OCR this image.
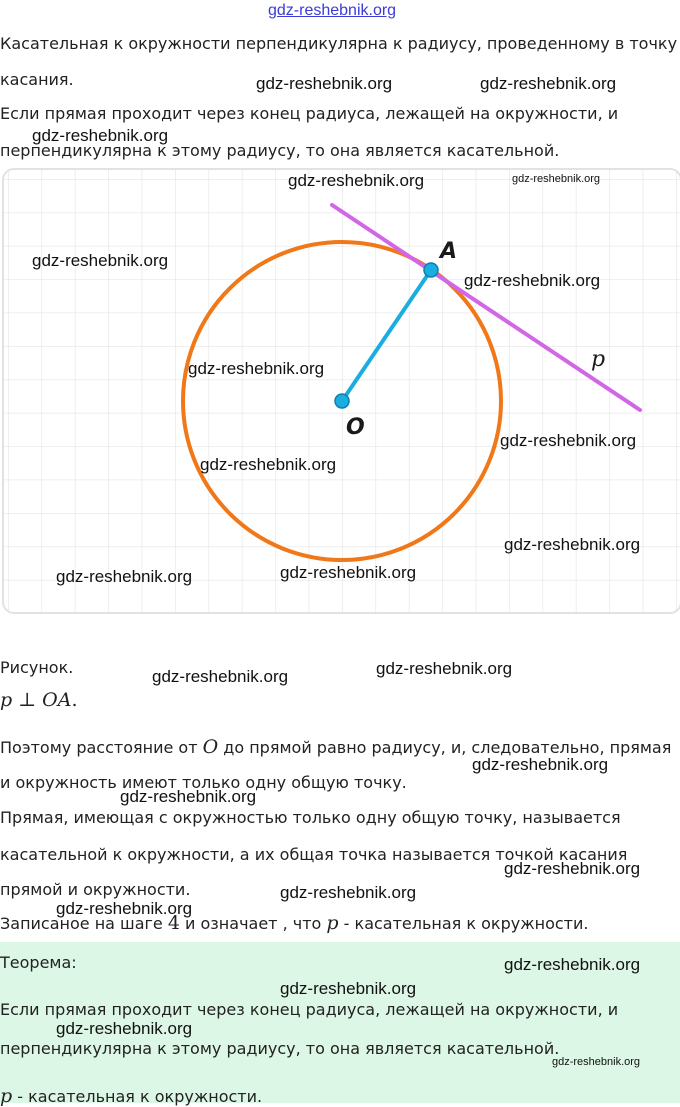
gdz-reshebnik.org
Касательная к окружности перпендикулярна к радиусу, проведенному в точку
касания.
Если прямая проходит через конец радиуса, лежащей на окружности, и
перпендикулярна к этому радиусу, то она является касательной.
A
O
p
Рисунок.
p ⊥ OA.
Поэтому расстояние от O до прямой равно радиусу, и, следовательно, прямая
и окружность имеют только одну общую точку.
Прямая, имеющая с окружностью только одну общую точку, называется
касательной к окружности, а их общая точка называется точкой касания
прямой и окружности.
Записаное на шаге 4 и означает , что p - касательная к окружности.
Теорема:
Если прямая проходит через конец радиуса, лежащей на окружности, и
перпендикулярна к этому радиусу, то она является касательной.
p - касательная к окружности.
gdz-reshebnik.org	gdz-reshebnik.org
gdz-reshebnik.org
gdz-reshebnik.org	gdz-reshebnik.org
gdz-reshebnik.org
gdz-reshebnik.org
gdz-reshebnik.org
gdz-reshebnik.org
gdz-reshebnik.org
gdz-reshebnik.org
gdz-reshebnik.org	gdz-reshebnik.org
gdz-reshebnik.org
gdz-reshebnik.org
gdz-reshebnik.org
gdz-reshebnik.org
gdz-reshebnik.org
gdz-reshebnik.org
gdz-reshebnik.org
gdz-reshebnik.org
gdz-reshebnik.org
gdz-reshebnik.org
gdz-reshebnik.org
